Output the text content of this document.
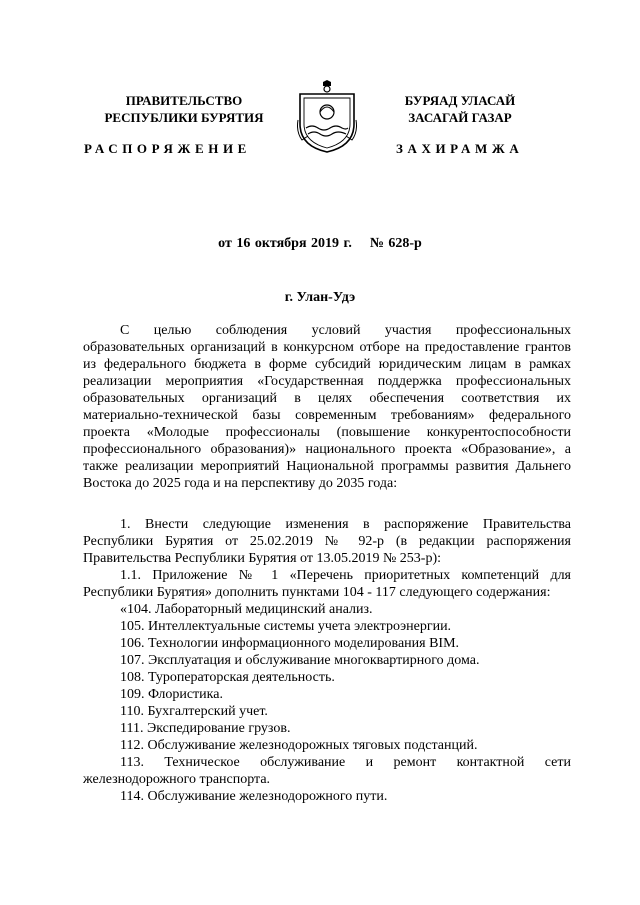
ПРАВИТЕЛЬСТВО
РЕСПУБЛИКИ БУРЯТИЯ
БУРЯАД УЛАСАЙ
ЗАСАГАЙ ГАЗАР
РАСПОРЯЖЕНИЕ	ЗАХИРАМЖА
от 16 октября 2019 г.    № 628-р
г. Улан-Удэ

С целью соблюдения условий участия профессиональных образовательных организаций в конкурсном отборе на предоставление грантов из федерального бюджета в форме субсидий юридическим лицам в рамках реализации мероприятия «Государственная поддержка профессиональных образовательных организаций в целях обеспечения соответствия их материально-технической базы современным требованиям» федерального проекта «Молодые профессионалы (повышение конкурентоспособности профессионального образования)» национального проекта «Образование», а также реализации мероприятий Национальной программы развития Дальнего Востока до 2025 года и на перспективу до 2035 года:

1. Внести следующие изменения в распоряжение Правительства Республики Бурятия от 25.02.2019 № 92-р (в редакции распоряжения Правительства Республики Бурятия от 13.05.2019 № 253-р):

1.1. Приложение № 1 «Перечень приоритетных компетенций для Республики Бурятия» дополнить пунктами 104 - 117 следующего содержания:

«104. Лабораторный медицинский анализ.

105. Интеллектуальные системы учета электроэнергии.

106. Технологии информационного моделирования BIM.

107. Эксплуатация и обслуживание многоквартирного дома.

108. Туроператорская деятельность.

109. Флористика.

110. Бухгалтерский учет.

111. Экспедирование грузов.

112. Обслуживание железнодорожных тяговых подстанций.

113. Техническое обслуживание и ремонт контактной сети железнодорожного транспорта.

114. Обслуживание железнодорожного пути.
